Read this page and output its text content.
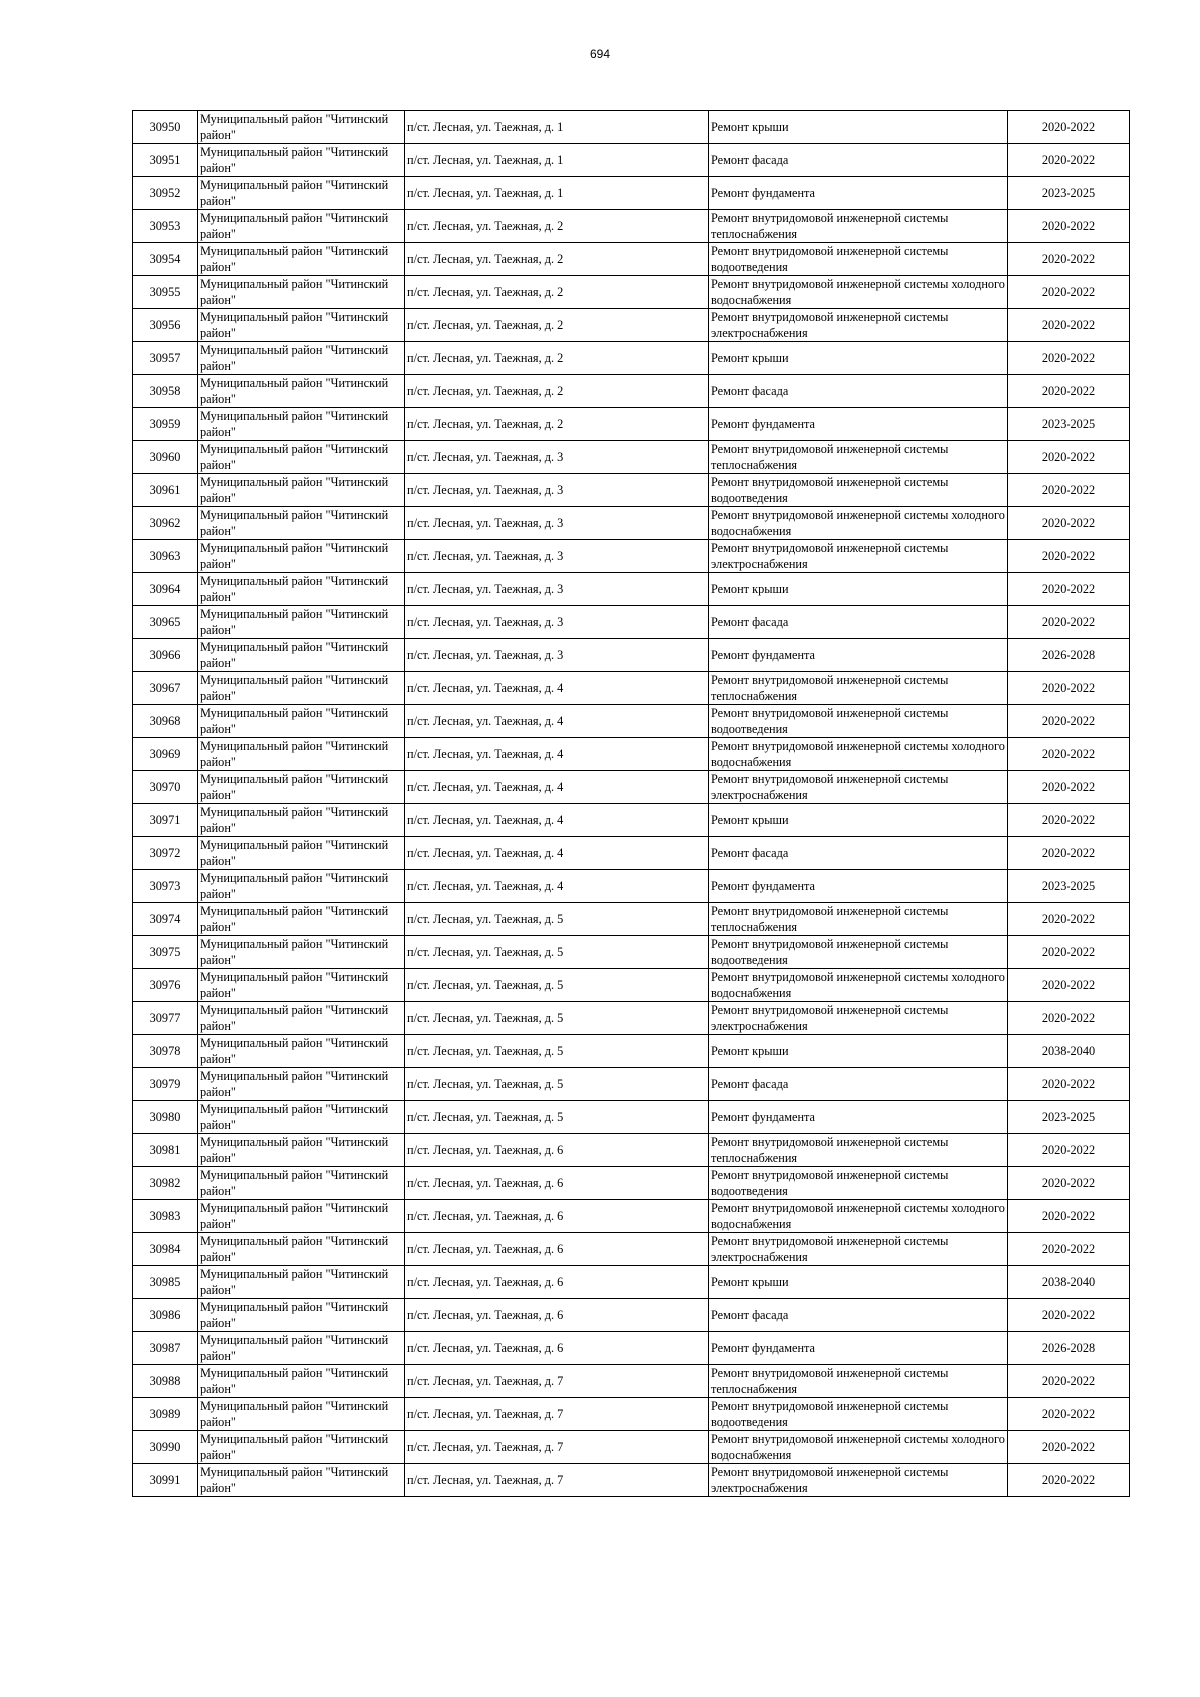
694
30950	Муниципальный район "Читинский район"	п/ст. Лесная, ул. Таежная, д. 1	Ремонт крыши	2020-2022
30951	Муниципальный район "Читинский район"	п/ст. Лесная, ул. Таежная, д. 1	Ремонт фасада	2020-2022
30952	Муниципальный район "Читинский район"	п/ст. Лесная, ул. Таежная, д. 1	Ремонт фундамента	2023-2025
30953	Муниципальный район "Читинский район"	п/ст. Лесная, ул. Таежная, д. 2	Ремонт внутридомовой инженерной системы теплоснабжения	2020-2022
30954	Муниципальный район "Читинский район"	п/ст. Лесная, ул. Таежная, д. 2	Ремонт внутридомовой инженерной системы водоотведения	2020-2022
30955	Муниципальный район "Читинский район"	п/ст. Лесная, ул. Таежная, д. 2	Ремонт внутридомовой инженерной системы холодного водоснабжения	2020-2022
30956	Муниципальный район "Читинский район"	п/ст. Лесная, ул. Таежная, д. 2	Ремонт внутридомовой инженерной системы электроснабжения	2020-2022
30957	Муниципальный район "Читинский район"	п/ст. Лесная, ул. Таежная, д. 2	Ремонт крыши	2020-2022
30958	Муниципальный район "Читинский район"	п/ст. Лесная, ул. Таежная, д. 2	Ремонт фасада	2020-2022
30959	Муниципальный район "Читинский район"	п/ст. Лесная, ул. Таежная, д. 2	Ремонт фундамента	2023-2025
30960	Муниципальный район "Читинский район"	п/ст. Лесная, ул. Таежная, д. 3	Ремонт внутридомовой инженерной системы теплоснабжения	2020-2022
30961	Муниципальный район "Читинский район"	п/ст. Лесная, ул. Таежная, д. 3	Ремонт внутридомовой инженерной системы водоотведения	2020-2022
30962	Муниципальный район "Читинский район"	п/ст. Лесная, ул. Таежная, д. 3	Ремонт внутридомовой инженерной системы холодного водоснабжения	2020-2022
30963	Муниципальный район "Читинский район"	п/ст. Лесная, ул. Таежная, д. 3	Ремонт внутридомовой инженерной системы электроснабжения	2020-2022
30964	Муниципальный район "Читинский район"	п/ст. Лесная, ул. Таежная, д. 3	Ремонт крыши	2020-2022
30965	Муниципальный район "Читинский район"	п/ст. Лесная, ул. Таежная, д. 3	Ремонт фасада	2020-2022
30966	Муниципальный район "Читинский район"	п/ст. Лесная, ул. Таежная, д. 3	Ремонт фундамента	2026-2028
30967	Муниципальный район "Читинский район"	п/ст. Лесная, ул. Таежная, д. 4	Ремонт внутридомовой инженерной системы теплоснабжения	2020-2022
30968	Муниципальный район "Читинский район"	п/ст. Лесная, ул. Таежная, д. 4	Ремонт внутридомовой инженерной системы водоотведения	2020-2022
30969	Муниципальный район "Читинский район"	п/ст. Лесная, ул. Таежная, д. 4	Ремонт внутридомовой инженерной системы холодного водоснабжения	2020-2022
30970	Муниципальный район "Читинский район"	п/ст. Лесная, ул. Таежная, д. 4	Ремонт внутридомовой инженерной системы электроснабжения	2020-2022
30971	Муниципальный район "Читинский район"	п/ст. Лесная, ул. Таежная, д. 4	Ремонт крыши	2020-2022
30972	Муниципальный район "Читинский район"	п/ст. Лесная, ул. Таежная, д. 4	Ремонт фасада	2020-2022
30973	Муниципальный район "Читинский район"	п/ст. Лесная, ул. Таежная, д. 4	Ремонт фундамента	2023-2025
30974	Муниципальный район "Читинский район"	п/ст. Лесная, ул. Таежная, д. 5	Ремонт внутридомовой инженерной системы теплоснабжения	2020-2022
30975	Муниципальный район "Читинский район"	п/ст. Лесная, ул. Таежная, д. 5	Ремонт внутридомовой инженерной системы водоотведения	2020-2022
30976	Муниципальный район "Читинский район"	п/ст. Лесная, ул. Таежная, д. 5	Ремонт внутридомовой инженерной системы холодного водоснабжения	2020-2022
30977	Муниципальный район "Читинский район"	п/ст. Лесная, ул. Таежная, д. 5	Ремонт внутридомовой инженерной системы электроснабжения	2020-2022
30978	Муниципальный район "Читинский район"	п/ст. Лесная, ул. Таежная, д. 5	Ремонт крыши	2038-2040
30979	Муниципальный район "Читинский район"	п/ст. Лесная, ул. Таежная, д. 5	Ремонт фасада	2020-2022
30980	Муниципальный район "Читинский район"	п/ст. Лесная, ул. Таежная, д. 5	Ремонт фундамента	2023-2025
30981	Муниципальный район "Читинский район"	п/ст. Лесная, ул. Таежная, д. 6	Ремонт внутридомовой инженерной системы теплоснабжения	2020-2022
30982	Муниципальный район "Читинский район"	п/ст. Лесная, ул. Таежная, д. 6	Ремонт внутридомовой инженерной системы водоотведения	2020-2022
30983	Муниципальный район "Читинский район"	п/ст. Лесная, ул. Таежная, д. 6	Ремонт внутридомовой инженерной системы холодного водоснабжения	2020-2022
30984	Муниципальный район "Читинский район"	п/ст. Лесная, ул. Таежная, д. 6	Ремонт внутридомовой инженерной системы электроснабжения	2020-2022
30985	Муниципальный район "Читинский район"	п/ст. Лесная, ул. Таежная, д. 6	Ремонт крыши	2038-2040
30986	Муниципальный район "Читинский район"	п/ст. Лесная, ул. Таежная, д. 6	Ремонт фасада	2020-2022
30987	Муниципальный район "Читинский район"	п/ст. Лесная, ул. Таежная, д. 6	Ремонт фундамента	2026-2028
30988	Муниципальный район "Читинский район"	п/ст. Лесная, ул. Таежная, д. 7	Ремонт внутридомовой инженерной системы теплоснабжения	2020-2022
30989	Муниципальный район "Читинский район"	п/ст. Лесная, ул. Таежная, д. 7	Ремонт внутридомовой инженерной системы водоотведения	2020-2022
30990	Муниципальный район "Читинский район"	п/ст. Лесная, ул. Таежная, д. 7	Ремонт внутридомовой инженерной системы холодного водоснабжения	2020-2022
30991	Муниципальный район "Читинский район"	п/ст. Лесная, ул. Таежная, д. 7	Ремонт внутридомовой инженерной системы электроснабжения	2020-2022
